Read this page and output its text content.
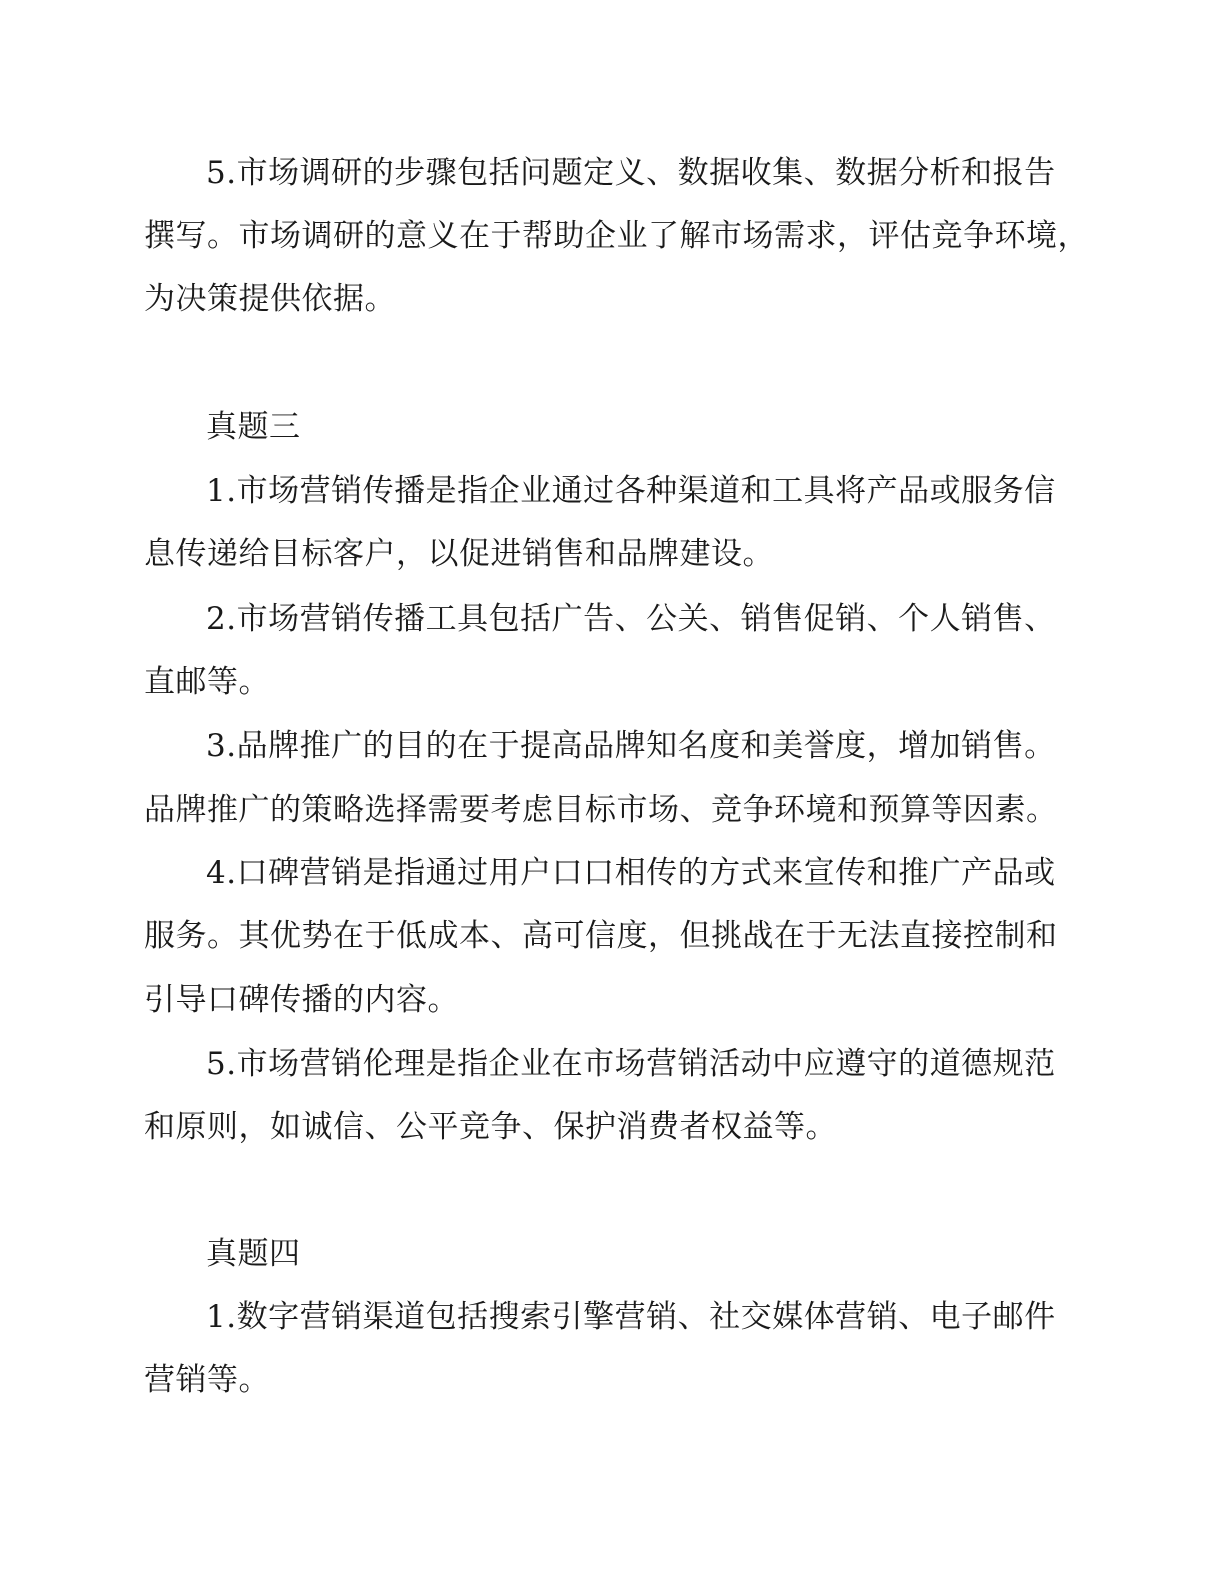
5.市场调研的步骤包括问题定义、数据收集、数据分析和报告
撰写。市场调研的意义在于帮助企业了解市场需求，评估竞争环境，
为决策提供依据。
真题三
1.市场营销传播是指企业通过各种渠道和工具将产品或服务信
息传递给目标客户，以促进销售和品牌建设。
2.市场营销传播工具包括广告、公关、销售促销、个人销售、
直邮等。
3.品牌推广的目的在于提高品牌知名度和美誉度，增加销售。
品牌推广的策略选择需要考虑目标市场、竞争环境和预算等因素。
4.口碑营销是指通过用户口口相传的方式来宣传和推广产品或
服务。其优势在于低成本、高可信度，但挑战在于无法直接控制和
引导口碑传播的内容。
5.市场营销伦理是指企业在市场营销活动中应遵守的道德规范
和原则，如诚信、公平竞争、保护消费者权益等。
真题四
1.数字营销渠道包括搜索引擎营销、社交媒体营销、电子邮件
营销等。
